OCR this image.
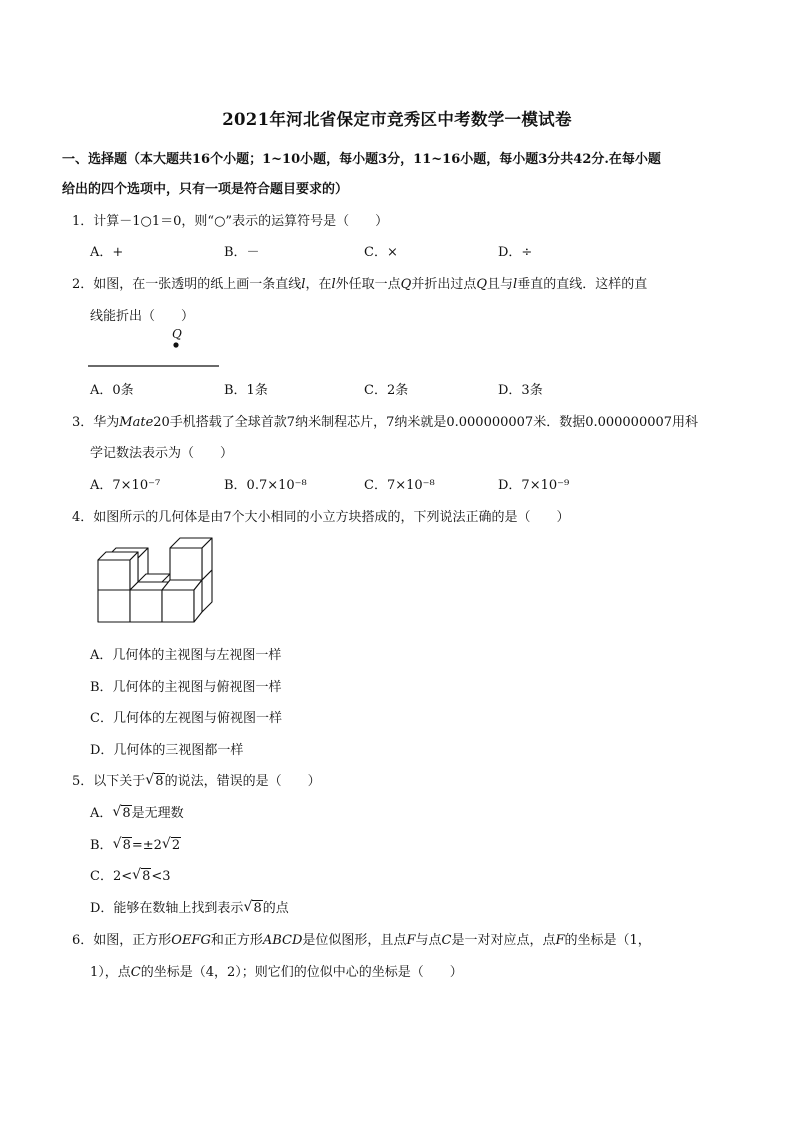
2021年河北省保定市竞秀区中考数学一模试卷
一、选择题（本大题共16个小题；1~10小题，每小题3分，11~16小题，每小题3分共42分.在每小题
给出的四个选项中，只有一项是符合题目要求的）
1．计算－1○1＝0，则“○”表示的运算符号是（　　）
A．+	B．－	C．×	D．÷
2．如图，在一张透明的纸上画一条直线l，在l外任取一点Q并折出过点Q且与l垂直的直线．这样的直
线能折出（　　）
Q
A．0条	B．1条	C．2条	D．3条
3．华为Mate20手机搭载了全球首款7纳米制程芯片，7纳米就是0.000000007米．数据0.000000007用科
学记数法表示为（　　）
A．7×10⁻⁷	B．0.7×10⁻⁸	C．7×10⁻⁸	D．7×10⁻⁹
4．如图所示的几何体是由7个大小相同的小立方块搭成的，下列说法正确的是（　　）
A．几何体的主视图与左视图一样
B．几何体的主视图与俯视图一样
C．几何体的左视图与俯视图一样
D．几何体的三视图都一样
5．以下关于 √ 8的说法，错误的是（　　）
A． √ 8是无理数
B． √ 8=±2 √ 2
C．2< √ 8<3
D．能够在数轴上找到表示 √ 8的点
6．如图，正方形OEFG和正方形ABCD是位似图形，且点F与点C是一对对应点，点F的坐标是（1，
1），点C的坐标是（4，2）；则它们的位似中心的坐标是（　　）
